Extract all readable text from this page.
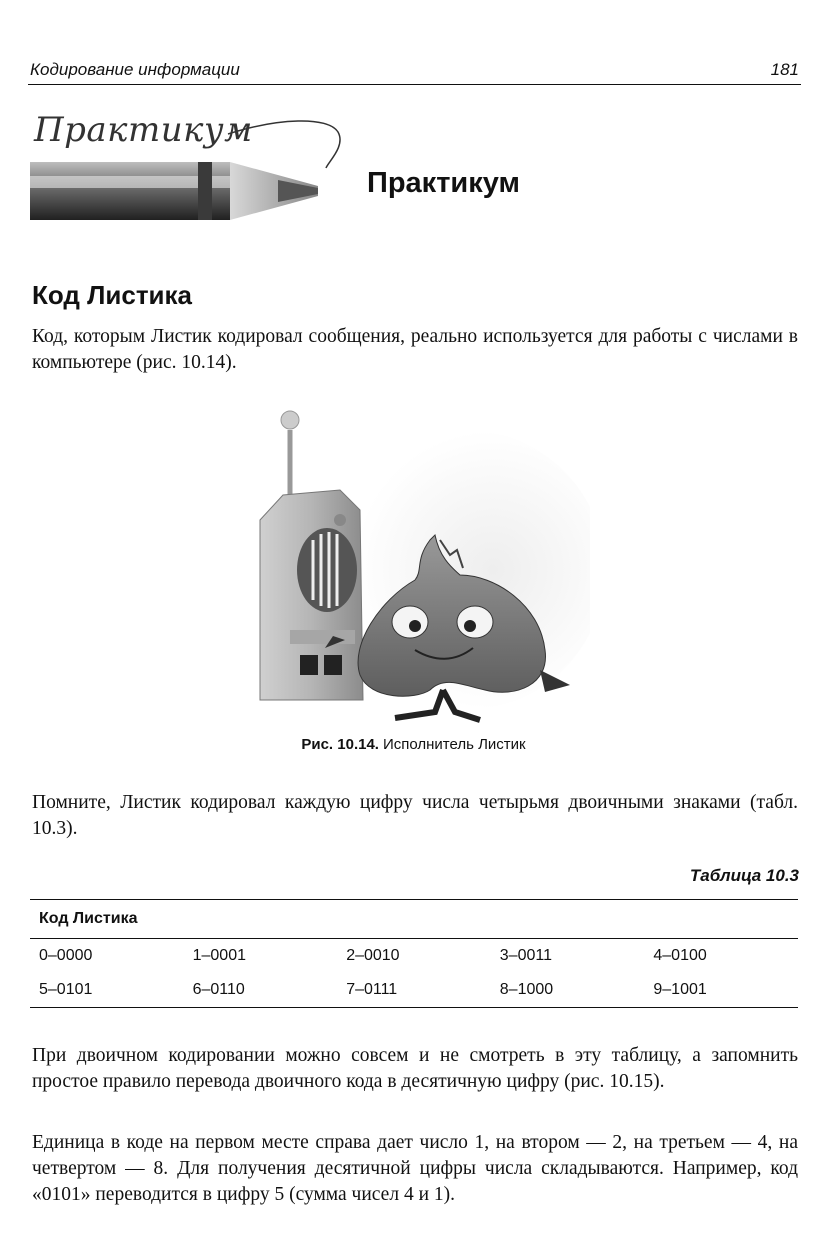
Кодирование информации	181
Практикум
Практикум
Код Листика

Код, которым Листик кодировал сообщения, реально используется для работы с числами в компьютере (рис. 10.14).

Рис. 10.14. Исполнитель Листик

Помните, Листик кодировал каждую цифру числа четырьмя двоичными знаками (табл. 10.3).

Таблица 10.3
Код Листика				
0–0000	1–0001	2–0010	3–0011	4–0100
5–0101	6–0110	7–0111	8–1000	9–1001

При двоичном кодировании можно совсем и не смотреть в эту таблицу, а запомнить простое правило перевода двоичного кода в десятичную цифру (рис. 10.15).

Единица в коде на первом месте справа дает число 1, на втором — 2, на третьем — 4, на четвертом — 8. Для получения десятичной цифры числа складываются. Например, код «0101» переводится в цифру 5 (сумма чисел 4 и 1).
